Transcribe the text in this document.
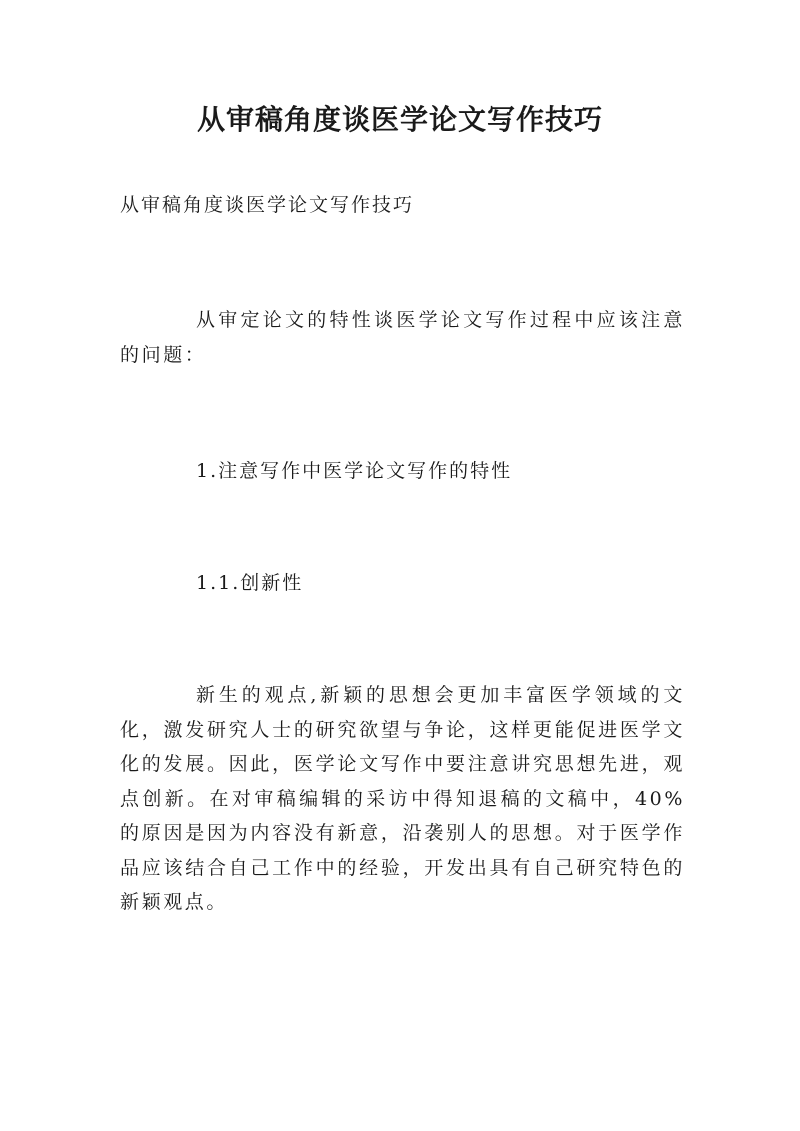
从审稿角度谈医学论文写作技巧

从审稿角度谈医学论文写作技巧

从审定论文的特性谈医学论文写作过程中应该注意的问题：

1.注意写作中医学论文写作的特性

1.1.创新性

新生的观点,新颖的思想会更加丰富医学领域的文化，激发研究人士的研究欲望与争论，这样更能促进医学文化的发展。因此，医学论文写作中要注意讲究思想先进，观点创新。在对审稿编辑的采访中得知退稿的文稿中，40%的原因是因为内容没有新意，沿袭别人的思想。对于医学作品应该结合自己工作中的经验，开发出具有自己研究特色的新颖观点。
